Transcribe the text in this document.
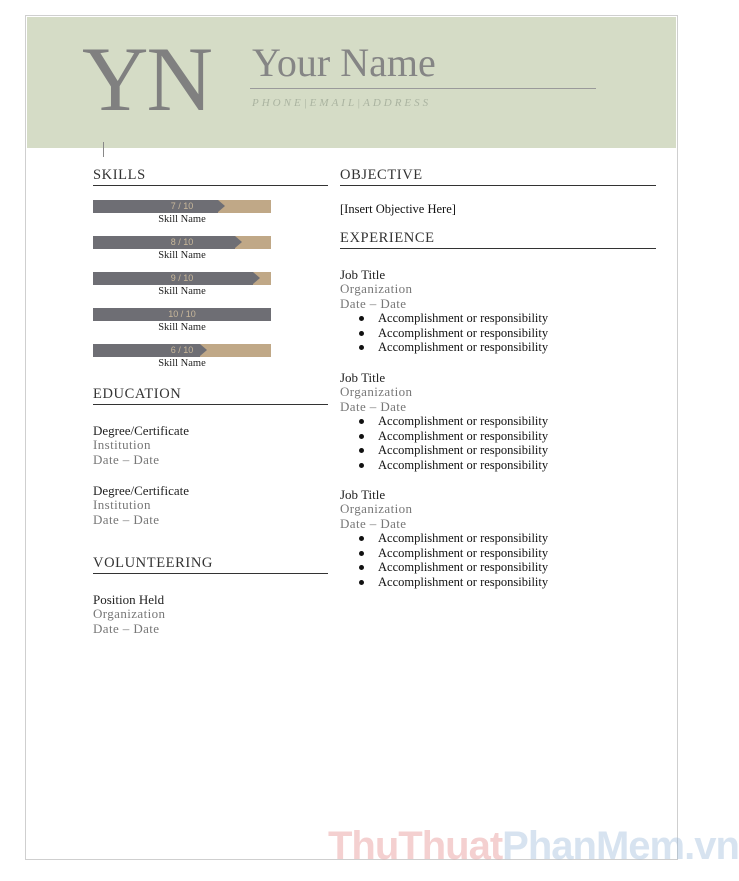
YN Your Name
PHONE|EMAIL|ADDRESS
SKILLS
7 / 10
Skill Name
8 / 10
Skill Name
9 / 10
Skill Name
10 / 10
Skill Name
6 / 10
Skill Name
EDUCATION
Degree/Certificate
Institution
Date – Date
Degree/Certificate
Institution
Date – Date
VOLUNTEERING
Position Held
Organization
Date – Date
OBJECTIVE
[Insert Objective Here]
EXPERIENCE
Job Title
Organization
Date – Date
Accomplishment or responsibility
Accomplishment or responsibility
Accomplishment or responsibility
Job Title
Organization
Date – Date
Accomplishment or responsibility
Accomplishment or responsibility
Accomplishment or responsibility
Accomplishment or responsibility
Job Title
Organization
Date – Date
Accomplishment or responsibility
Accomplishment or responsibility
Accomplishment or responsibility
Accomplishment or responsibility
ThuThuatPhanMem.vn
